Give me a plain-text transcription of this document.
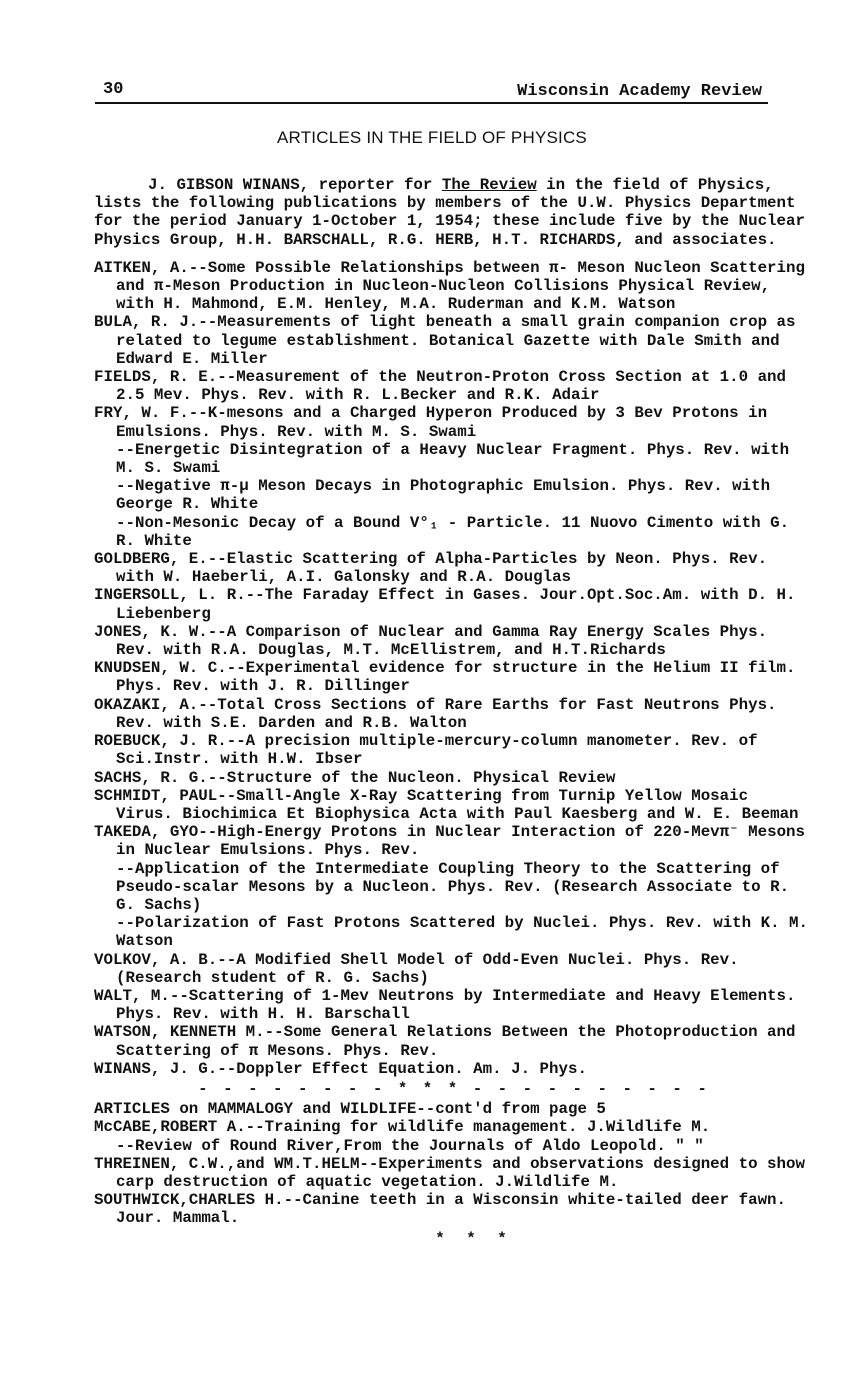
30	Wisconsin Academy Review
ARTICLES IN THE FIELD OF PHYSICS

J. GIBSON WINANS, reporter for The Review in the field of Physics, lists the following publications by members of the U.W. Physics Department for the period January 1-October 1, 1954; these include five by the Nuclear Physics Group, H.H. BARSCHALL, R.G. HERB, H.T. RICHARDS, and associates.

AITKEN, A.--Some Possible Relationships between π- Meson Nucleon Scattering and π-Meson Production in Nucleon-Nucleon Collisions Physical Review, with H. Mahmond, E.M. Henley, M.A. Ruderman and K.M. Watson

BULA, R. J.--Measurements of light beneath a small grain companion crop as related to legume establishment. Botanical Gazette with Dale Smith and Edward E. Miller

FIELDS, R. E.--Measurement of the Neutron-Proton Cross Section at 1.0 and 2.5 Mev. Phys. Rev. with R. L.Becker and R.K. Adair

FRY, W. F.--K-mesons and a Charged Hyperon Produced by 3 Bev Protons in Emulsions. Phys. Rev. with M. S. Swami

--Energetic Disintegration of a Heavy Nuclear Fragment. Phys. Rev. with M. S. Swami

--Negative π-μ Meson Decays in Photographic Emulsion. Phys. Rev. with George R. White

--Non-Mesonic Decay of a Bound V°₁ - Particle. 11 Nuovo Cimento with G. R. White

GOLDBERG, E.--Elastic Scattering of Alpha-Particles by Neon. Phys. Rev. with W. Haeberli, A.I. Galonsky and R.A. Douglas

INGERSOLL, L. R.--The Faraday Effect in Gases. Jour.Opt.Soc.Am. with D. H. Liebenberg

JONES, K. W.--A Comparison of Nuclear and Gamma Ray Energy Scales Phys. Rev. with R.A. Douglas, M.T. McEllistrem, and H.T.Richards

KNUDSEN, W. C.--Experimental evidence for structure in the Helium II film. Phys. Rev. with J. R. Dillinger

OKAZAKI, A.--Total Cross Sections of Rare Earths for Fast Neutrons Phys. Rev. with S.E. Darden and R.B. Walton

ROEBUCK, J. R.--A precision multiple-mercury-column manometer. Rev. of Sci.Instr. with H.W. Ibser

SACHS, R. G.--Structure of the Nucleon. Physical Review

SCHMIDT, PAUL--Small-Angle X-Ray Scattering from Turnip Yellow Mosaic Virus. Biochimica Et Biophysica Acta with Paul Kaesberg and W. E. Beeman

TAKEDA, GYO--High-Energy Protons in Nuclear Interaction of 220-Mevπ⁻ Mesons in Nuclear Emulsions. Phys. Rev.

--Application of the Intermediate Coupling Theory to the Scattering of Pseudo-scalar Mesons by a Nucleon. Phys. Rev. (Research Associate to R. G. Sachs)

--Polarization of Fast Protons Scattered by Nuclei. Phys. Rev. with K. M. Watson

VOLKOV, A. B.--A Modified Shell Model of Odd-Even Nuclei. Phys. Rev. (Research student of R. G. Sachs)

WALT, M.--Scattering of 1-Mev Neutrons by Intermediate and Heavy Elements. Phys. Rev. with H. H. Barschall

WATSON, KENNETH M.--Some General Relations Between the Photoproduction and Scattering of π Mesons. Phys. Rev.

WINANS, J. G.--Doppler Effect Equation. Am. J. Phys.

- - - - - - - - * * * - - - - - - - - - -
ARTICLES on MAMMALOGY and WILDLIFE--cont'd from page 5

McCABE,ROBERT A.--Training for wildlife management. J.Wildlife M.

--Review of Round River,From the Journals of Aldo Leopold. " "

THREINEN, C.W.,and WM.T.HELM--Experiments and observations designed to show carp destruction of aquatic vegetation. J.Wildlife M.

SOUTHWICK,CHARLES H.--Canine teeth in a Wisconsin white-tailed deer fawn. Jour. Mammal.

* * *
